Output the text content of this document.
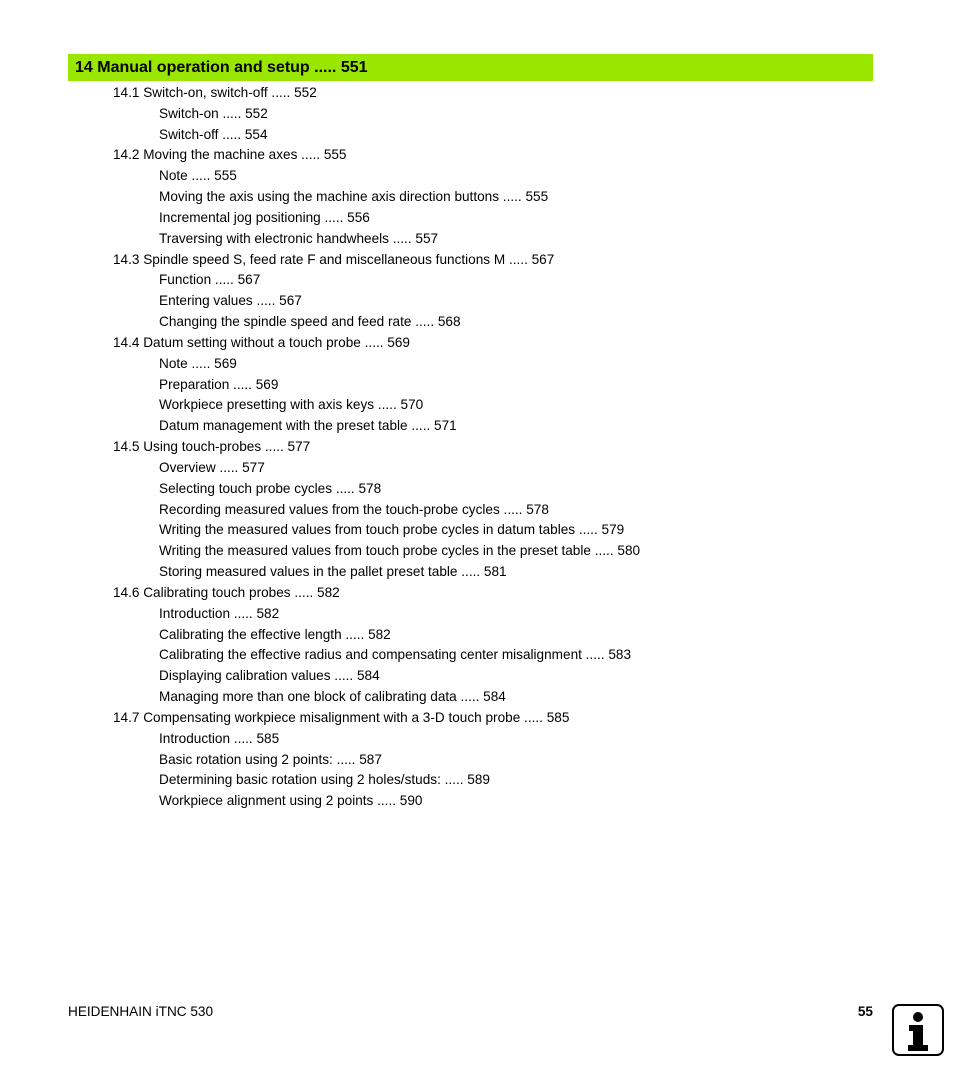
14 Manual operation and setup ..... 551
14.1 Switch-on, switch-off ..... 552
Switch-on ..... 552
Switch-off ..... 554
14.2 Moving the machine axes ..... 555
Note ..... 555
Moving the axis using the machine axis direction buttons ..... 555
Incremental jog positioning ..... 556
Traversing with electronic handwheels ..... 557
14.3 Spindle speed S, feed rate F and miscellaneous functions M ..... 567
Function ..... 567
Entering values ..... 567
Changing the spindle speed and feed rate ..... 568
14.4 Datum setting without a touch probe ..... 569
Note ..... 569
Preparation ..... 569
Workpiece presetting with axis keys ..... 570
Datum management with the preset table ..... 571
14.5 Using touch-probes ..... 577
Overview ..... 577
Selecting touch probe cycles ..... 578
Recording measured values from the touch-probe cycles ..... 578
Writing the measured values from touch probe cycles in datum tables ..... 579
Writing the measured values from touch probe cycles in the preset table ..... 580
Storing measured values in the pallet preset table ..... 581
14.6 Calibrating touch probes ..... 582
Introduction ..... 582
Calibrating the effective length ..... 582
Calibrating the effective radius and compensating center misalignment ..... 583
Displaying calibration values ..... 584
Managing more than one block of calibrating data ..... 584
14.7 Compensating workpiece misalignment with a 3-D touch probe ..... 585
Introduction ..... 585
Basic rotation using 2 points: ..... 587
Determining basic rotation using 2 holes/studs: ..... 589
Workpiece alignment using 2 points ..... 590
HEIDENHAIN iTNC 530	55
